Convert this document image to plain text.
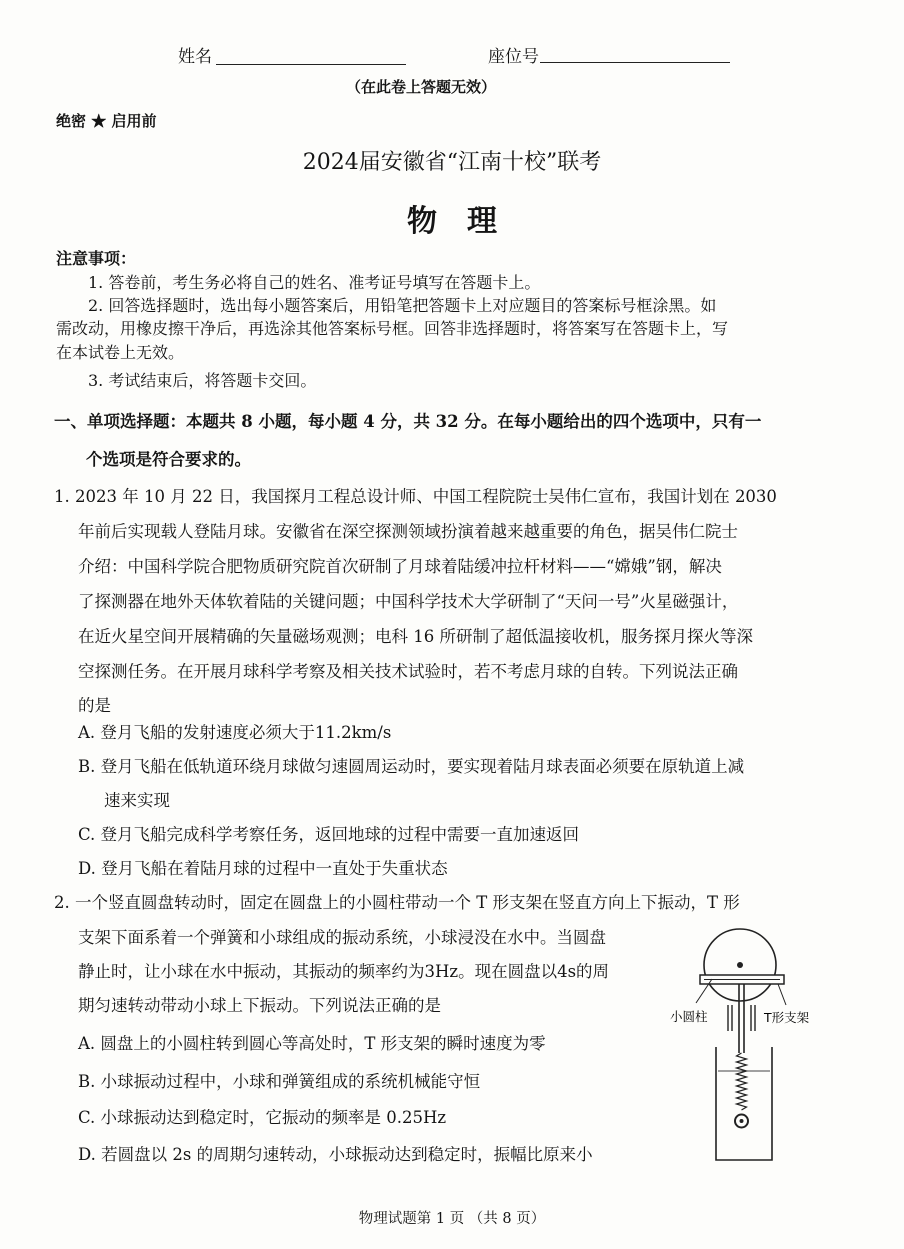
姓名	座位号
（在此卷上答题无效）
绝密 ★ 启用前
2024届安徽省“江南十校”联考
物理
注意事项：
1. 答卷前，考生务必将自己的姓名、准考证号填写在答题卡上。
2. 回答选择题时，选出每小题答案后，用铅笔把答题卡上对应题目的答案标号框涂黑。如
需改动，用橡皮擦干净后，再选涂其他答案标号框。回答非选择题时，将答案写在答题卡上，写
在本试卷上无效。
3. 考试结束后，将答题卡交回。
一、单项选择题：本题共 8 小题，每小题 4 分，共 32 分。在每小题给出的四个选项中，只有一
个选项是符合要求的。
1. 2023 年 10 月 22 日，我国探月工程总设计师、中国工程院院士吴伟仁宣布，我国计划在 2030
年前后实现载人登陆月球。安徽省在深空探测领域扮演着越来越重要的角色，据吴伟仁院士
介绍：中国科学院合肥物质研究院首次研制了月球着陆缓冲拉杆材料——“嫦娥”钢，解决
了探测器在地外天体软着陆的关键问题；中国科学技术大学研制了“天问一号”火星磁强计，
在近火星空间开展精确的矢量磁场观测；电科 16 所研制了超低温接收机，服务探月探火等深
空探测任务。在开展月球科学考察及相关技术试验时，若不考虑月球的自转。下列说法正确
的是
A. 登月飞船的发射速度必须大于11.2km/s
B. 登月飞船在低轨道环绕月球做匀速圆周运动时，要实现着陆月球表面必须要在原轨道上减
速来实现
C. 登月飞船完成科学考察任务，返回地球的过程中需要一直加速返回
D. 登月飞船在着陆月球的过程中一直处于失重状态
2. 一个竖直圆盘转动时，固定在圆盘上的小圆柱带动一个 T 形支架在竖直方向上下振动，T 形
支架下面系着一个弹簧和小球组成的振动系统，小球浸没在水中。当圆盘
静止时，让小球在水中振动，其振动的频率约为3Hz。现在圆盘以4s的周
期匀速转动带动小球上下振动。下列说法正确的是
A. 圆盘上的小圆柱转到圆心等高处时，T 形支架的瞬时速度为零
B. 小球振动过程中，小球和弹簧组成的系统机械能守恒
C. 小球振动达到稳定时，它振动的频率是 0.25Hz
D. 若圆盘以 2s 的周期匀速转动，小球振动达到稳定时，振幅比原来小
小圆柱	T形支架
物理试题第 1 页 （共 8 页）
